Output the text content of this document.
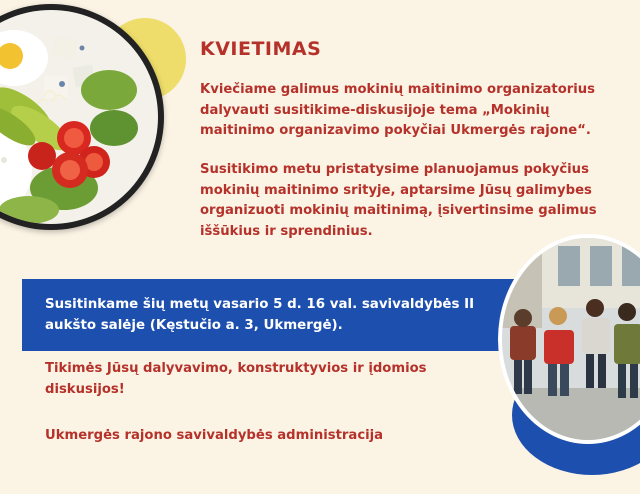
KVIETIMAS
Kviečiame galimus mokinių maitinimo organizatorius dalyvauti susitikime-diskusijoje tema „Mokinių maitinimo organizavimo pokyčiai Ukmergės rajone“.
Susitikimo metu pristatysime planuojamus pokyčius mokinių maitinimo srityje, aptarsime Jūsų galimybes organizuoti mokinių maitinimą, įsivertinsime galimus iššūkius ir sprendinius.
Susitinkame šių metų vasario 5 d. 16 val. savivaldybės II aukšto salėje (Kęstučio a. 3, Ukmergė).
Tikimės Jūsų dalyvavimo, konstruktyvios ir įdomios diskusijos!
Ukmergės rajono savivaldybės administracija
